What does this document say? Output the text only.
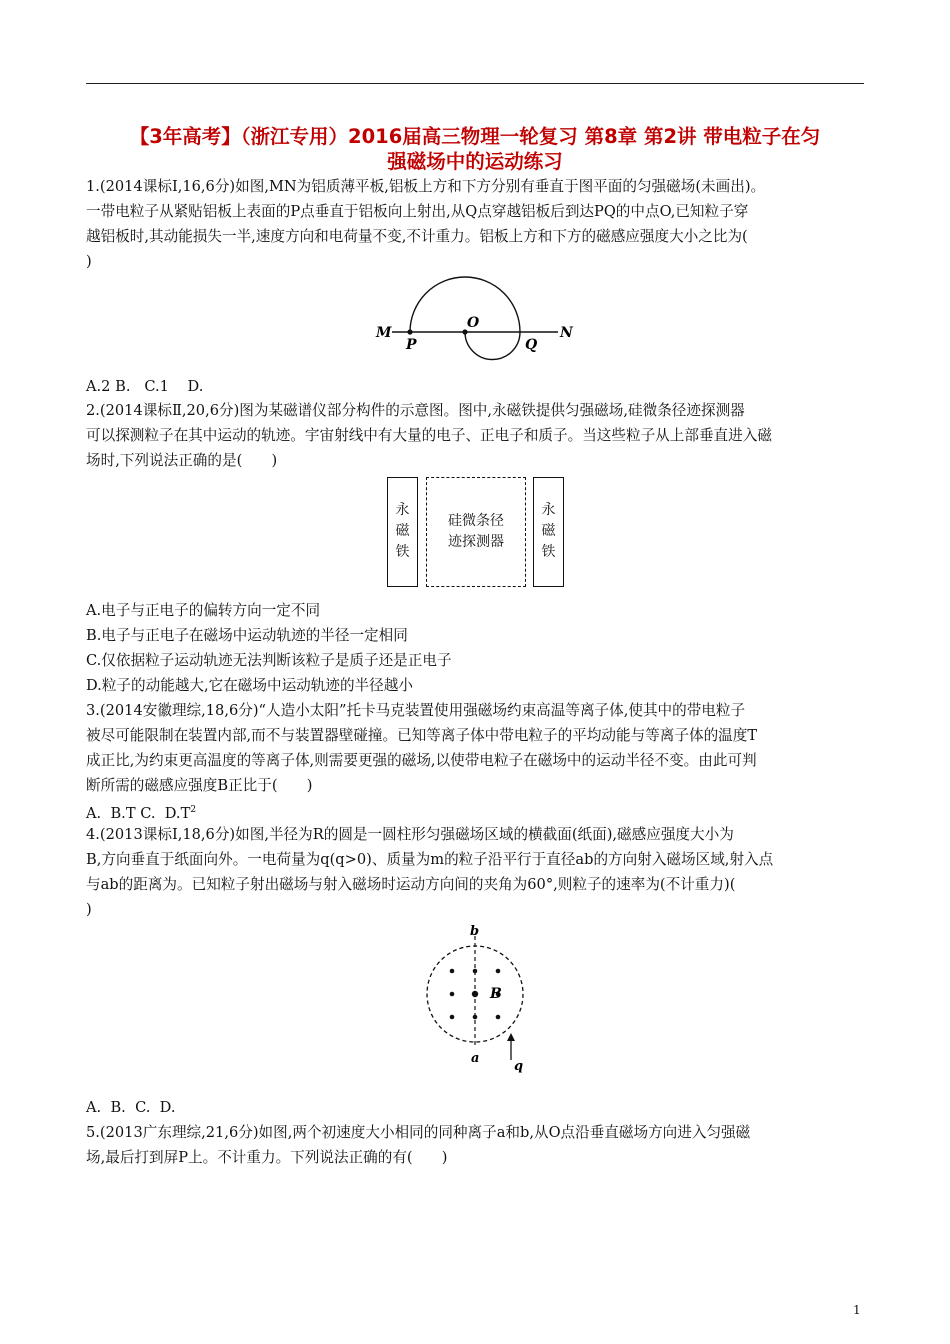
【3年高考】（浙江专用）2016届高三物理一轮复习 第8章 第2讲 带电粒子在匀
强磁场中的运动练习

1.(2014课标Ⅰ,16,6分)如图,MN为铝质薄平板,铝板上方和下方分别有垂直于图平面的匀强磁场(未画出)。

一带电粒子从紧贴铝板上表面的P点垂直于铝板向上射出,从Q点穿越铝板后到达PQ的中点O,已知粒子穿

越铝板时,其动能损失一半,速度方向和电荷量不变,不计重力。铝板上方和下方的磁感应强度大小之比为(

)

M
P
O
Q
N
A.2 B.   C.1    D.

2.(2014课标Ⅱ,20,6分)图为某磁谱仪部分构件的示意图。图中,永磁铁提供匀强磁场,硅微条径迹探测器

可以探测粒子在其中运动的轨迹。宇宙射线中有大量的电子、正电子和质子。当这些粒子从上部垂直进入磁

场时,下列说法正确的是(　　)

永
磁
铁
硅微条径
迹探测器
永
磁
铁
A.电子与正电子的偏转方向一定不同
B.电子与正电子在磁场中运动轨迹的半径一定相同
C.仅依据粒子运动轨迹无法判断该粒子是质子还是正电子
D.粒子的动能越大,它在磁场中运动轨迹的半径越小

3.(2014安徽理综,18,6分)“人造小太阳”托卡马克装置使用强磁场约束高温等离子体,使其中的带电粒子

被尽可能限制在装置内部,而不与装置器壁碰撞。已知等离子体中带电粒子的平均动能与等离子体的温度T

成正比,为约束更高温度的等离子体,则需要更强的磁场,以使带电粒子在磁场中的运动半径不变。由此可判

断所需的磁感应强度B正比于(　　)

A.  B.T C.  $D.T^2$

4.(2013课标Ⅰ,18,6分)如图,半径为R的圆是一圆柱形匀强磁场区域的横截面(纸面),磁感应强度大小为

B,方向垂直于纸面向外。一电荷量为q(q>0)、质量为m的粒子沿平行于直径ab的方向射入磁场区域,射入点

与ab的距离为。已知粒子射出磁场与射入磁场时运动方向间的夹角为60°,则粒子的速率为(不计重力)(

)

b
B
a
q
A.  B.  C.  D.

5.(2013广东理综,21,6分)如图,两个初速度大小相同的同种离子a和b,从O点沿垂直磁场方向进入匀强磁

场,最后打到屏P上。不计重力。下列说法正确的有(　　)

1
